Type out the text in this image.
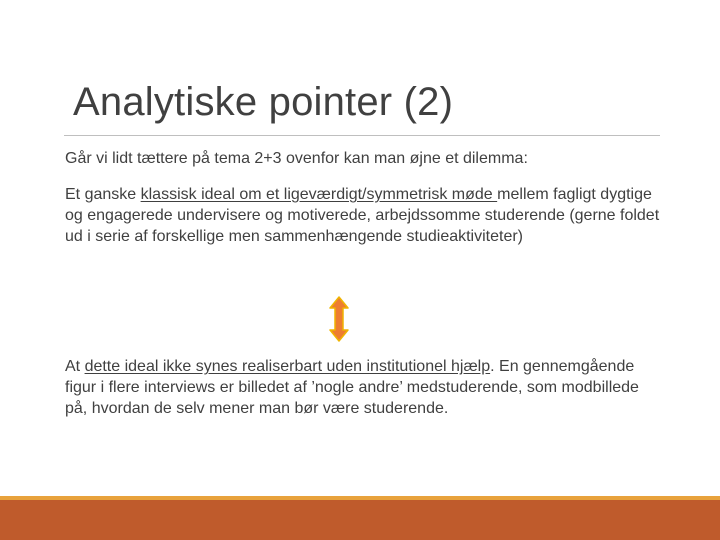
Analytiske pointer (2)
Går vi lidt tættere på tema 2+3 ovenfor kan man øjne et dilemma:
Et ganske klassisk ideal om et ligeværdigt/symmetrisk møde mellem fagligt dygtige og engagerede undervisere og motiverede, arbejdssomme studerende (gerne foldet ud i serie af forskellige men sammenhængende studieaktiviteter)
At dette ideal ikke synes realiserbart uden institutionel hjælp. En gennemgående figur i flere interviews er billedet af ’nogle andre’ medstuderende, som modbillede på, hvordan de selv mener man bør være studerende.
